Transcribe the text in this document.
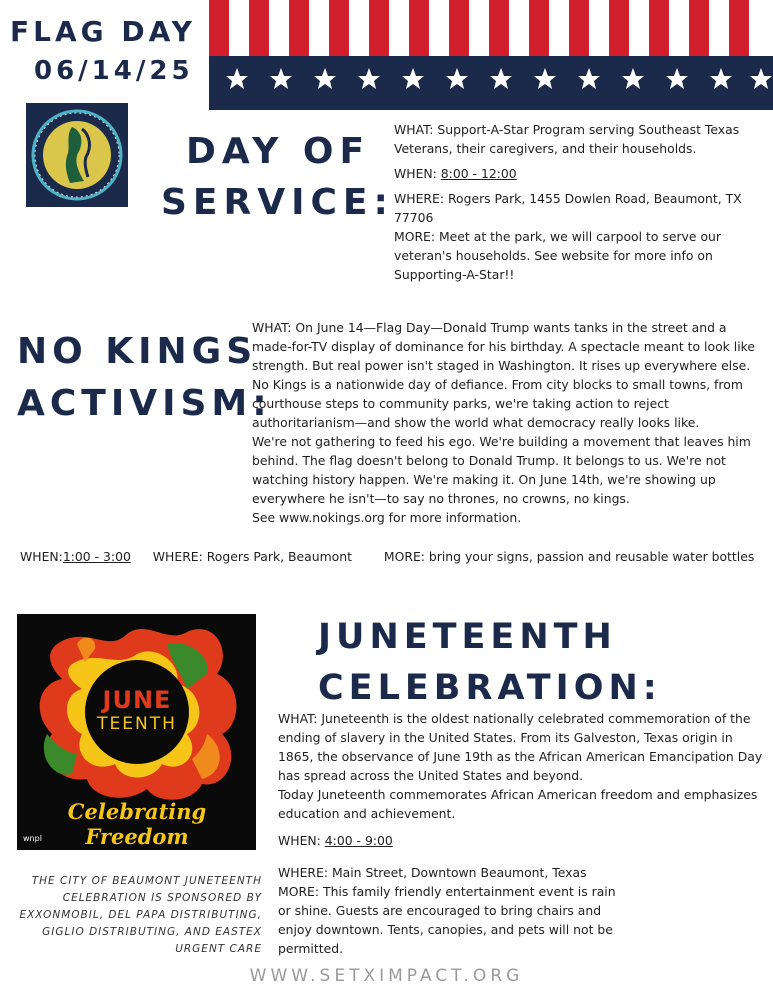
FLAG DAY
06/14/25
DAY OF
SERVICE:

WHAT: Support-A-Star Program serving Southeast Texas Veterans, their caregivers, and their households.

WHEN: 8:00 - 12:00

WHERE: Rogers Park, 1455 Dowlen Road, Beaumont, TX 77706

MORE: Meet at the park, we will carpool to serve our veteran's households. See website for more info on Supporting-A-Star!!

NO KINGS
ACTIVISM:

WHAT: On June 14—Flag Day—Donald Trump wants tanks in the street and a made-for-TV display of dominance for his birthday. A spectacle meant to look like strength. But real power isn't staged in Washington. It rises up everywhere else.

No Kings is a nationwide day of defiance. From city blocks to small towns, from courthouse steps to community parks, we're taking action to reject authoritarianism—and show the world what democracy really looks like.

We're not gathering to feed his ego. We're building a movement that leaves him behind. The flag doesn't belong to Donald Trump. It belongs to us. We're not watching history happen. We're making it. On June 14th, we're showing up everywhere he isn't—to say no thrones, no crowns, no kings.

See www.nokings.org for more information.

WHEN:1:00 - 3:00 WHERE: Rogers Park, Beaumont	MORE: bring your signs, passion and reusable water bottles
JUNE
TEENTH
Celebrating Freedom
wnpl
JUNETEENTH
CELEBRATION:

WHAT: Juneteenth is the oldest nationally celebrated commemoration of the ending of slavery in the United States. From its Galveston, Texas origin in 1865, the observance of June 19th as the African American Emancipation Day has spread across the United States and beyond.

Today Juneteenth commemorates African American freedom and emphasizes education and achievement.

WHEN: 4:00 - 9:00

WHERE: Main Street, Downtown Beaumont, Texas

MORE: This family friendly entertainment event is rain or shine. Guests are encouraged to bring chairs and enjoy downtown. Tents, canopies, and pets will not be permitted.

THE CITY OF BEAUMONT JUNETEENTH CELEBRATION IS SPONSORED BY EXXONMOBIL, DEL PAPA DISTRIBUTING, GIGLIO DISTRIBUTING, AND EASTEX URGENT CARE
WWW.SETXIMPACT.ORG
